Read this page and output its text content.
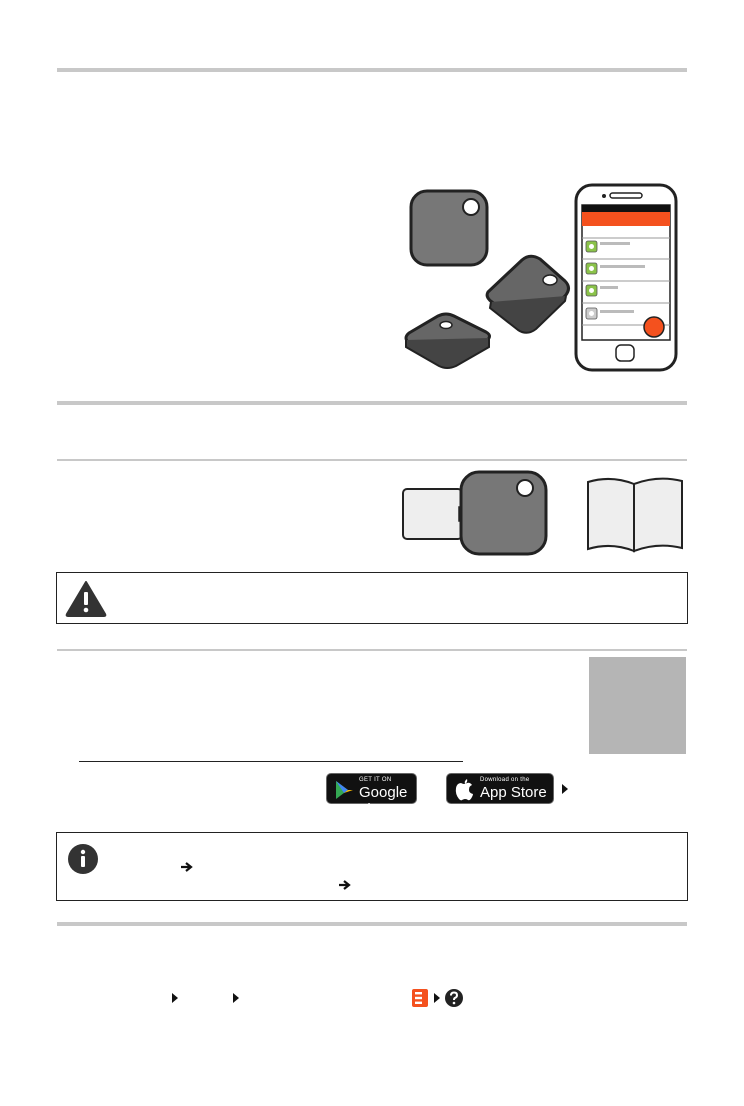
GET IT ON
Google play
Download on the
App Store
